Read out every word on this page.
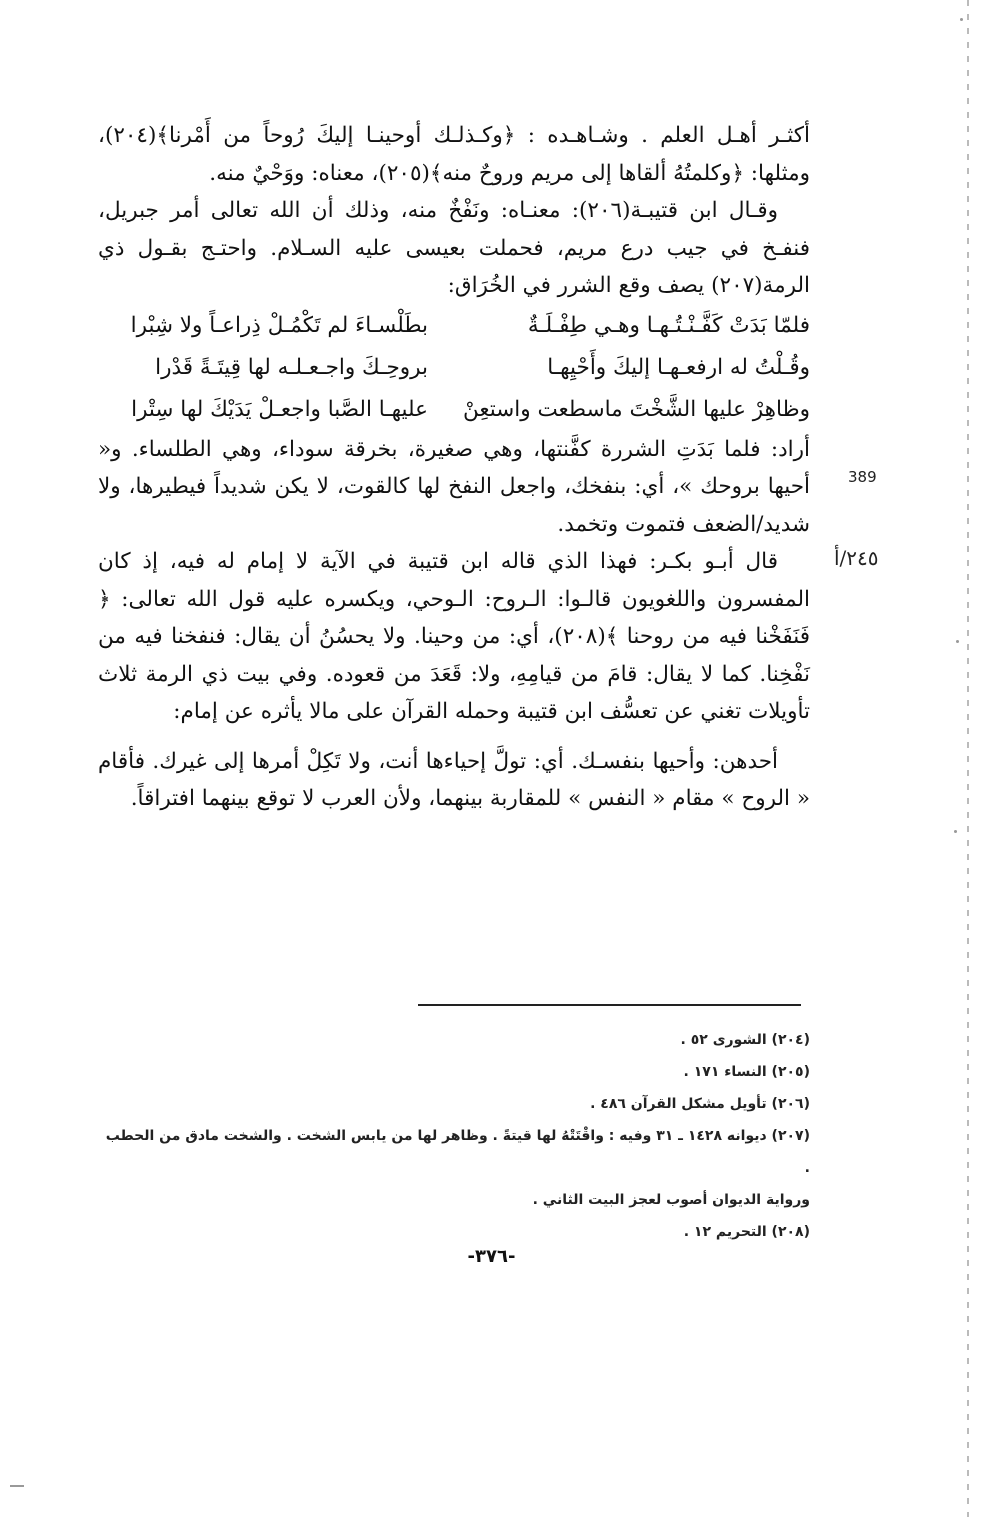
أكثـر أهـل العلم . وشـاهـده : ﴿وكـذلـك أوحينـا إليكَ رُوحاً من أَمْرنا﴾(٢٠٤)، ومثلها: ﴿وكلمتُهُ ألقاها إلى مريم وروحٌ منه﴾(٢٠٥)، معناه: ووَحْيٌ منه.

وقـال ابن قتيبـة(٢٠٦): معنـاه: ونَفْخٌ منه، وذلك أن الله تعالى أمر جبريل، فنفـخ في جيب درع مريم، فحملت بعيسى عليه السـلام. واحتـج بقـول ذي الرمة(٢٠٧) يصف وقع الشرر في الخُرَاق:

فلمّا بَدَتْ كَفَّـنْـتُـهـا وهـي طِفْـلَـةٌ
بطَلْسـاءَ لم تَكْمُـلْ ذِراعـاً ولا شِبْرا
وقُـلْتُ له ارفعـهـا إليكَ وأَحْيِهـا
بروحِـكَ واجـعـلـه لها قِيتَـةً قَدْرا
وظاهِرْ عليها الشَّخْتَ ماسطعت واستعِنْ
عليهـا الصَّبا واجعـلْ يَدَيْكَ لها سِتْرا

أراد: فلما بَدَتِ الشررة كفَّنتها، وهي صغيرة، بخرقة سوداء، وهي الطلساء. و« أحيها بروحك »، أي: بنفخك، واجعل النفخ لها كالقوت، لا يكن شديداً فيطيرها، ولا شديد/الضعف فتموت وتخمد.

قال أبـو بكـر: فهذا الذي قاله ابن قتيبة في الآية لا إمام له فيه، إذ كان المفسرون واللغويون قالـوا: الـروح: الـوحي، ويكسره عليه قول الله تعالى: ﴿ فَنَفَخْنا فيه من روحنا ﴾(٢٠٨)، أي: من وحينا. ولا يحسُنُ أن يقال: فنفخنا فيه من نَفْخِنا. كما لا يقال: قامَ من قيامِهِ، ولا: قَعَدَ من قعوده. وفي بيت ذي الرمة ثلاث تأويلات تغني عن تعسُّف ابن قتيبة وحمله القرآن على مالا يأثره عن إمام:

أحدهن: وأحيها بنفسـك. أي: تولَّ إحياءها أنت، ولا تَكِلْ أمرها إلى غيرك. فأقام « الروح » مقام « النفس » للمقاربة بينهما، ولأن العرب لا توقع بينهما افتراقاً.

389
٢٤٥/أ

(٢٠٤) الشورى ٥٢ .

(٢٠٥) النساء ١٧١ .

(٢٠٦) تأويل مشكل القرآن ٤٨٦ .

(٢٠٧) ديوانه ١٤٢٨ ـ ٣١ وفيه : واقْتَتْهُ لها قيتةً . وظاهر لها من يابس الشخت . والشخت مادق من الحطب .

ورواية الديوان أصوب لعجز البيت الثاني .

(٢٠٨) التحريم ١٢ .

-٣٧٦-
